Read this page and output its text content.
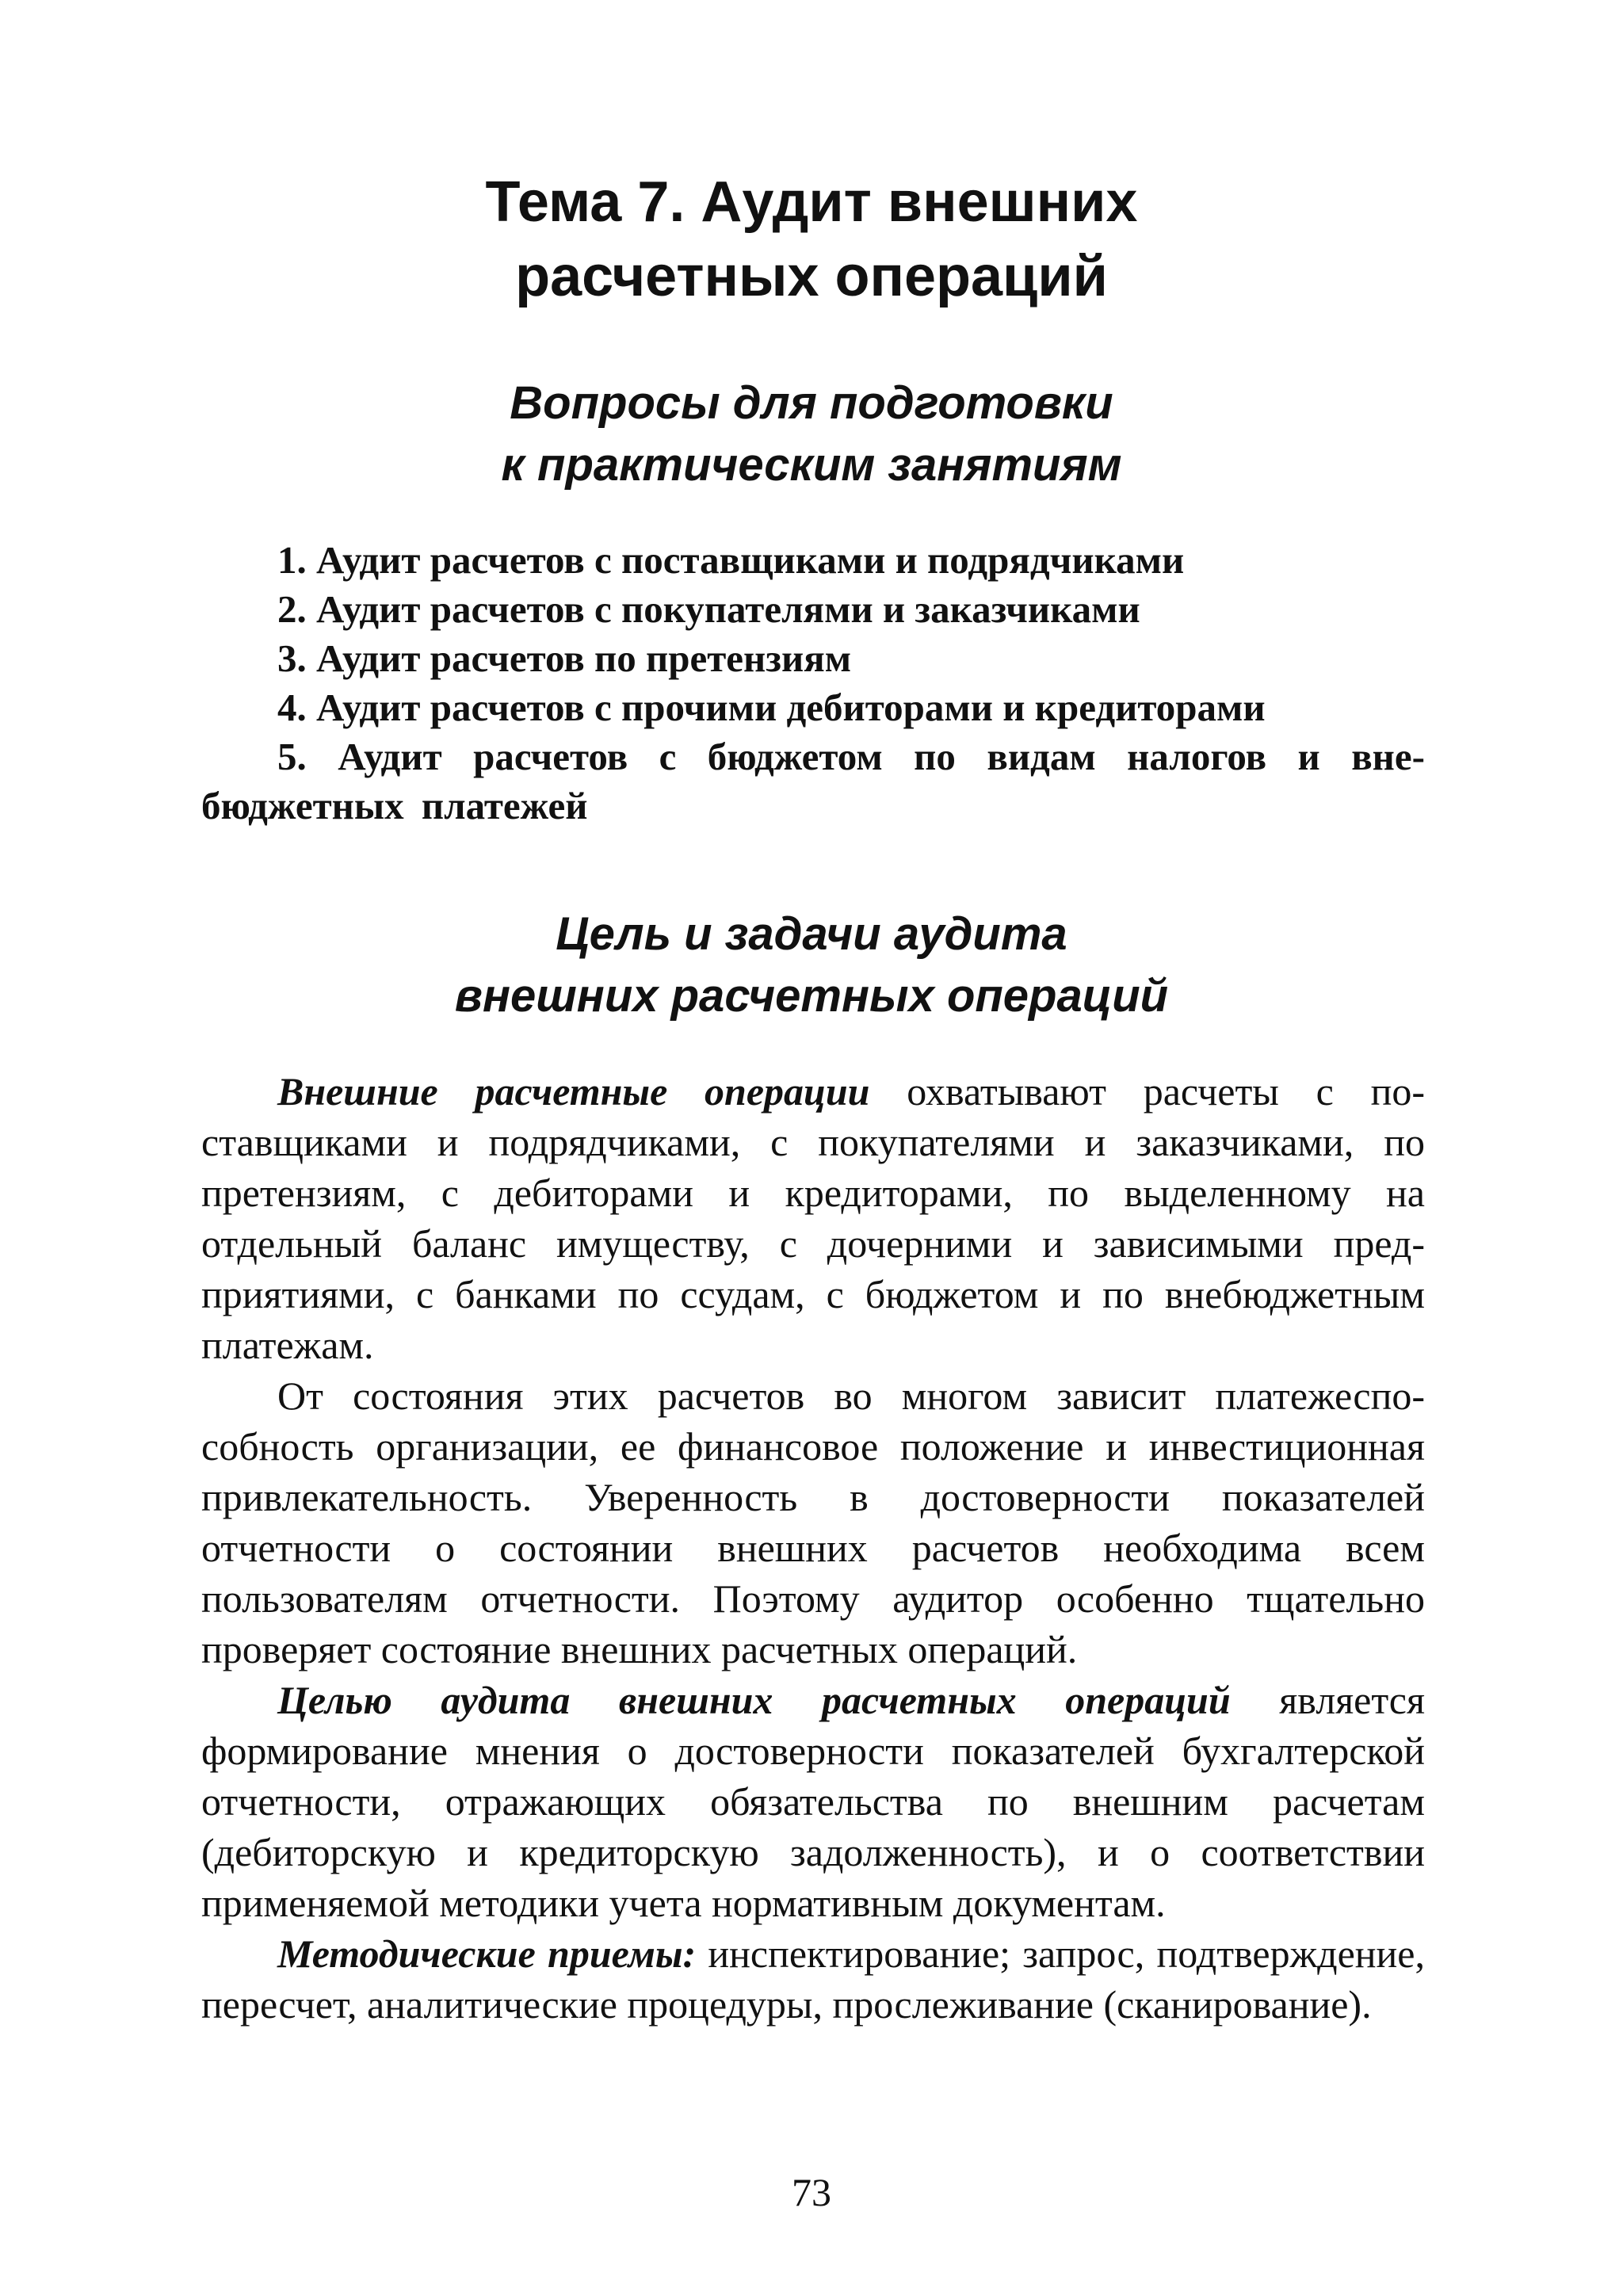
Тема 7. Аудит внешних
расчетных операций
Вопросы для подготовки
к практическим занятиям
1. Аудит расчетов с поставщиками и подрядчиками
2. Аудит расчетов с покупателями и заказчиками
3. Аудит расчетов по претензиям
4. Аудит расчетов с прочими дебиторами и кредиторами
5. Аудит расчетов с бюджетом по видам налогов и внебюджетных платежей
Цель и задачи аудита
внешних расчетных операций

Внешние расчетные операции охватывают расчеты с поставщиками и подрядчиками, с покупателями и заказчиками, по претензиям, с дебиторами и кредиторами, по выделенному на отдельный баланс имуществу, с дочерними и зависимыми предприятиями, с банками по ссудам, с бюджетом и по внебюджетным платежам.

От состояния этих расчетов во многом зависит платежеспособность организации, ее финансовое положение и инвестиционная привлекательность. Уверенность в достоверности показателей отчетности о состоянии внешних расчетов необходима всем пользователям отчетности. Поэтому аудитор особенно тщательно проверяет состояние внешних расчетных операций.

Целью аудита внешних расчетных операций является формирование мнения о достоверности показателей бухгалтерской отчетности, отражающих обязательства по внешним расчетам (дебиторскую и кредиторскую задолженность), и о соответствии применяемой методики учета нормативным документам.

Методические приемы: инспектирование; запрос, подтверждение, пересчет, аналитические процедуры, прослеживание (сканирование).

73
